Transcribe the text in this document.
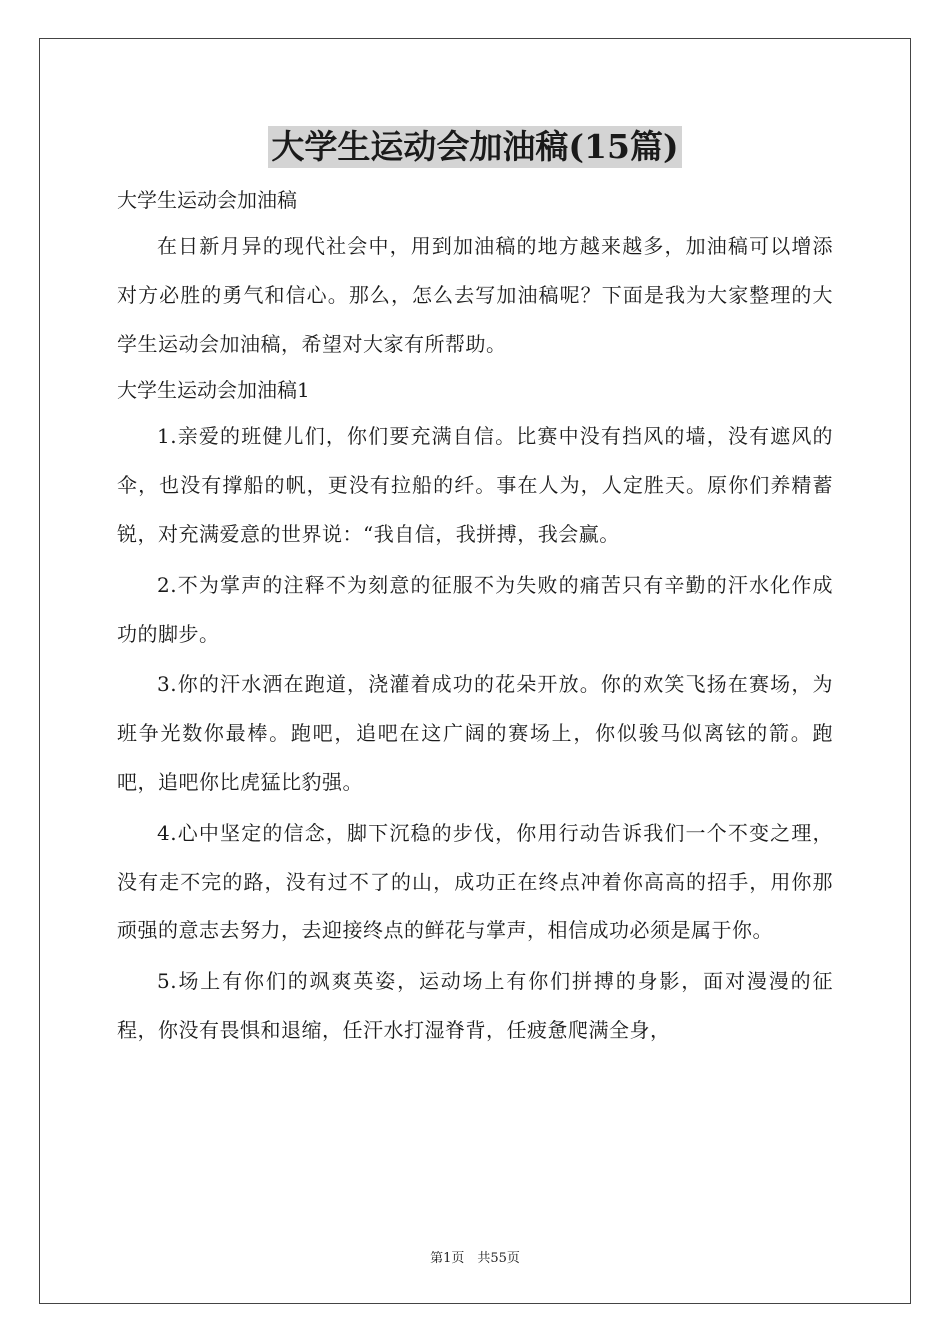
大学生运动会加油稿(15篇)

大学生运动会加油稿

在日新月异的现代社会中，用到加油稿的地方越来越多，加油稿可以增添对方必胜的勇气和信心。那么，怎么去写加油稿呢？下面是我为大家整理的大学生运动会加油稿，希望对大家有所帮助。

大学生运动会加油稿1

1.亲爱的班健儿们，你们要充满自信。比赛中没有挡风的墙，没有遮风的伞，也没有撑船的帆，更没有拉船的纤。事在人为，人定胜天。原你们养精蓄锐，对充满爱意的世界说：“我自信，我拼搏，我会赢。

2.不为掌声的注释不为刻意的征服不为失败的痛苦只有辛勤的汗水化作成功的脚步。

3.你的汗水洒在跑道，浇灌着成功的花朵开放。你的欢笑飞扬在赛场，为班争光数你最棒。跑吧，追吧在这广阔的赛场上，你似骏马似离铉的箭。跑吧，追吧你比虎猛比豹强。

4.心中坚定的信念，脚下沉稳的步伐，你用行动告诉我们一个不变之理，没有走不完的路，没有过不了的山，成功正在终点冲着你高高的招手，用你那顽强的意志去努力，去迎接终点的鲜花与掌声，相信成功必须是属于你。

5.场上有你们的飒爽英姿，运动场上有你们拼搏的身影，面对漫漫的征程，你没有畏惧和退缩，任汗水打湿脊背，任疲惫爬满全身，

第1页　共55页
